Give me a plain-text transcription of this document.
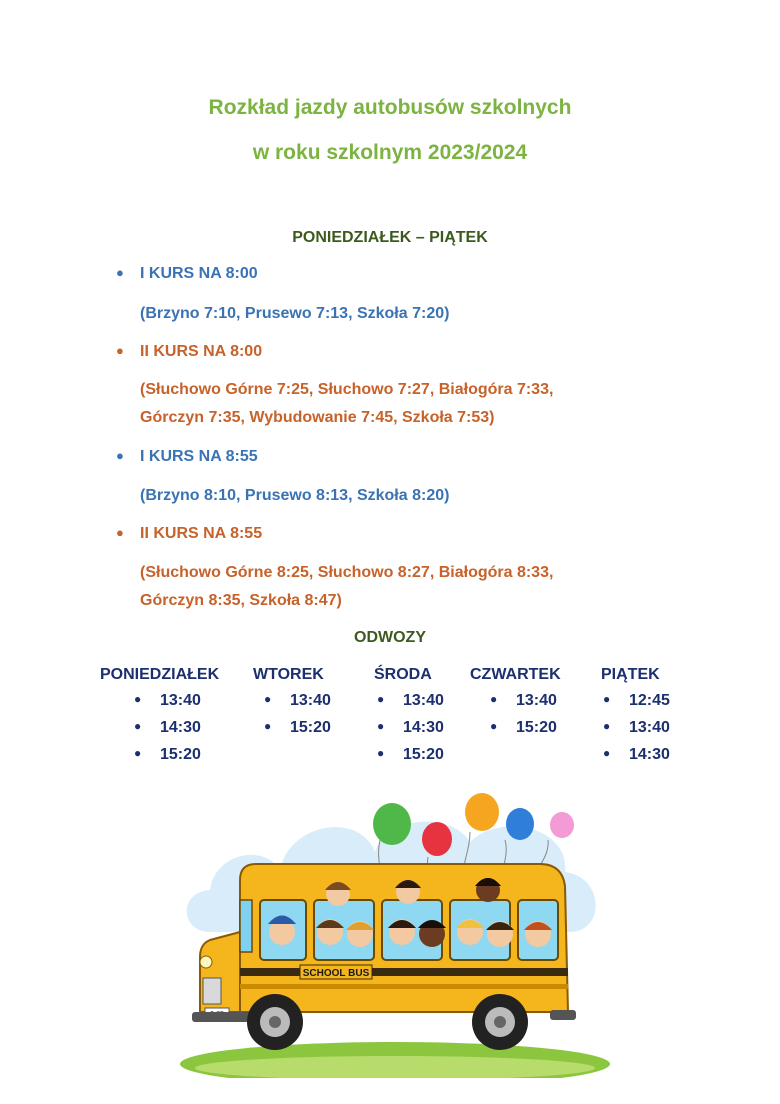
Rozkład jazdy autobusów szkolnych
w roku szkolnym 2023/2024
PONIEDZIAŁEK – PIĄTEK
● I KURS NA 8:00
(Brzyno 7:10, Prusewo 7:13, Szkoła 7:20)
● II KURS NA 8:00
(Słuchowo Górne 7:25, Słuchowo 7:27, Białogóra 7:33,
Górczyn 7:35, Wybudowanie 7:45, Szkoła 7:53)
● I KURS NA 8:55
(Brzyno 8:10, Prusewo 8:13, Szkoła 8:20)
● II KURS NA 8:55
(Słuchowo Górne 8:25, Słuchowo 8:27, Białogóra 8:33,
Górczyn 8:35, Szkoła 8:47)
ODWOZY
PONIEDZIAŁEK
● 13:40
● 14:30
● 15:20
WTOREK
● 13:40
● 15:20
ŚRODA
● 13:40
● 14:30
● 15:20
CZWARTEK
● 13:40
● 15:20
PIĄTEK
● 12:45
● 13:40
● 14:30
SCHOOL BUS
